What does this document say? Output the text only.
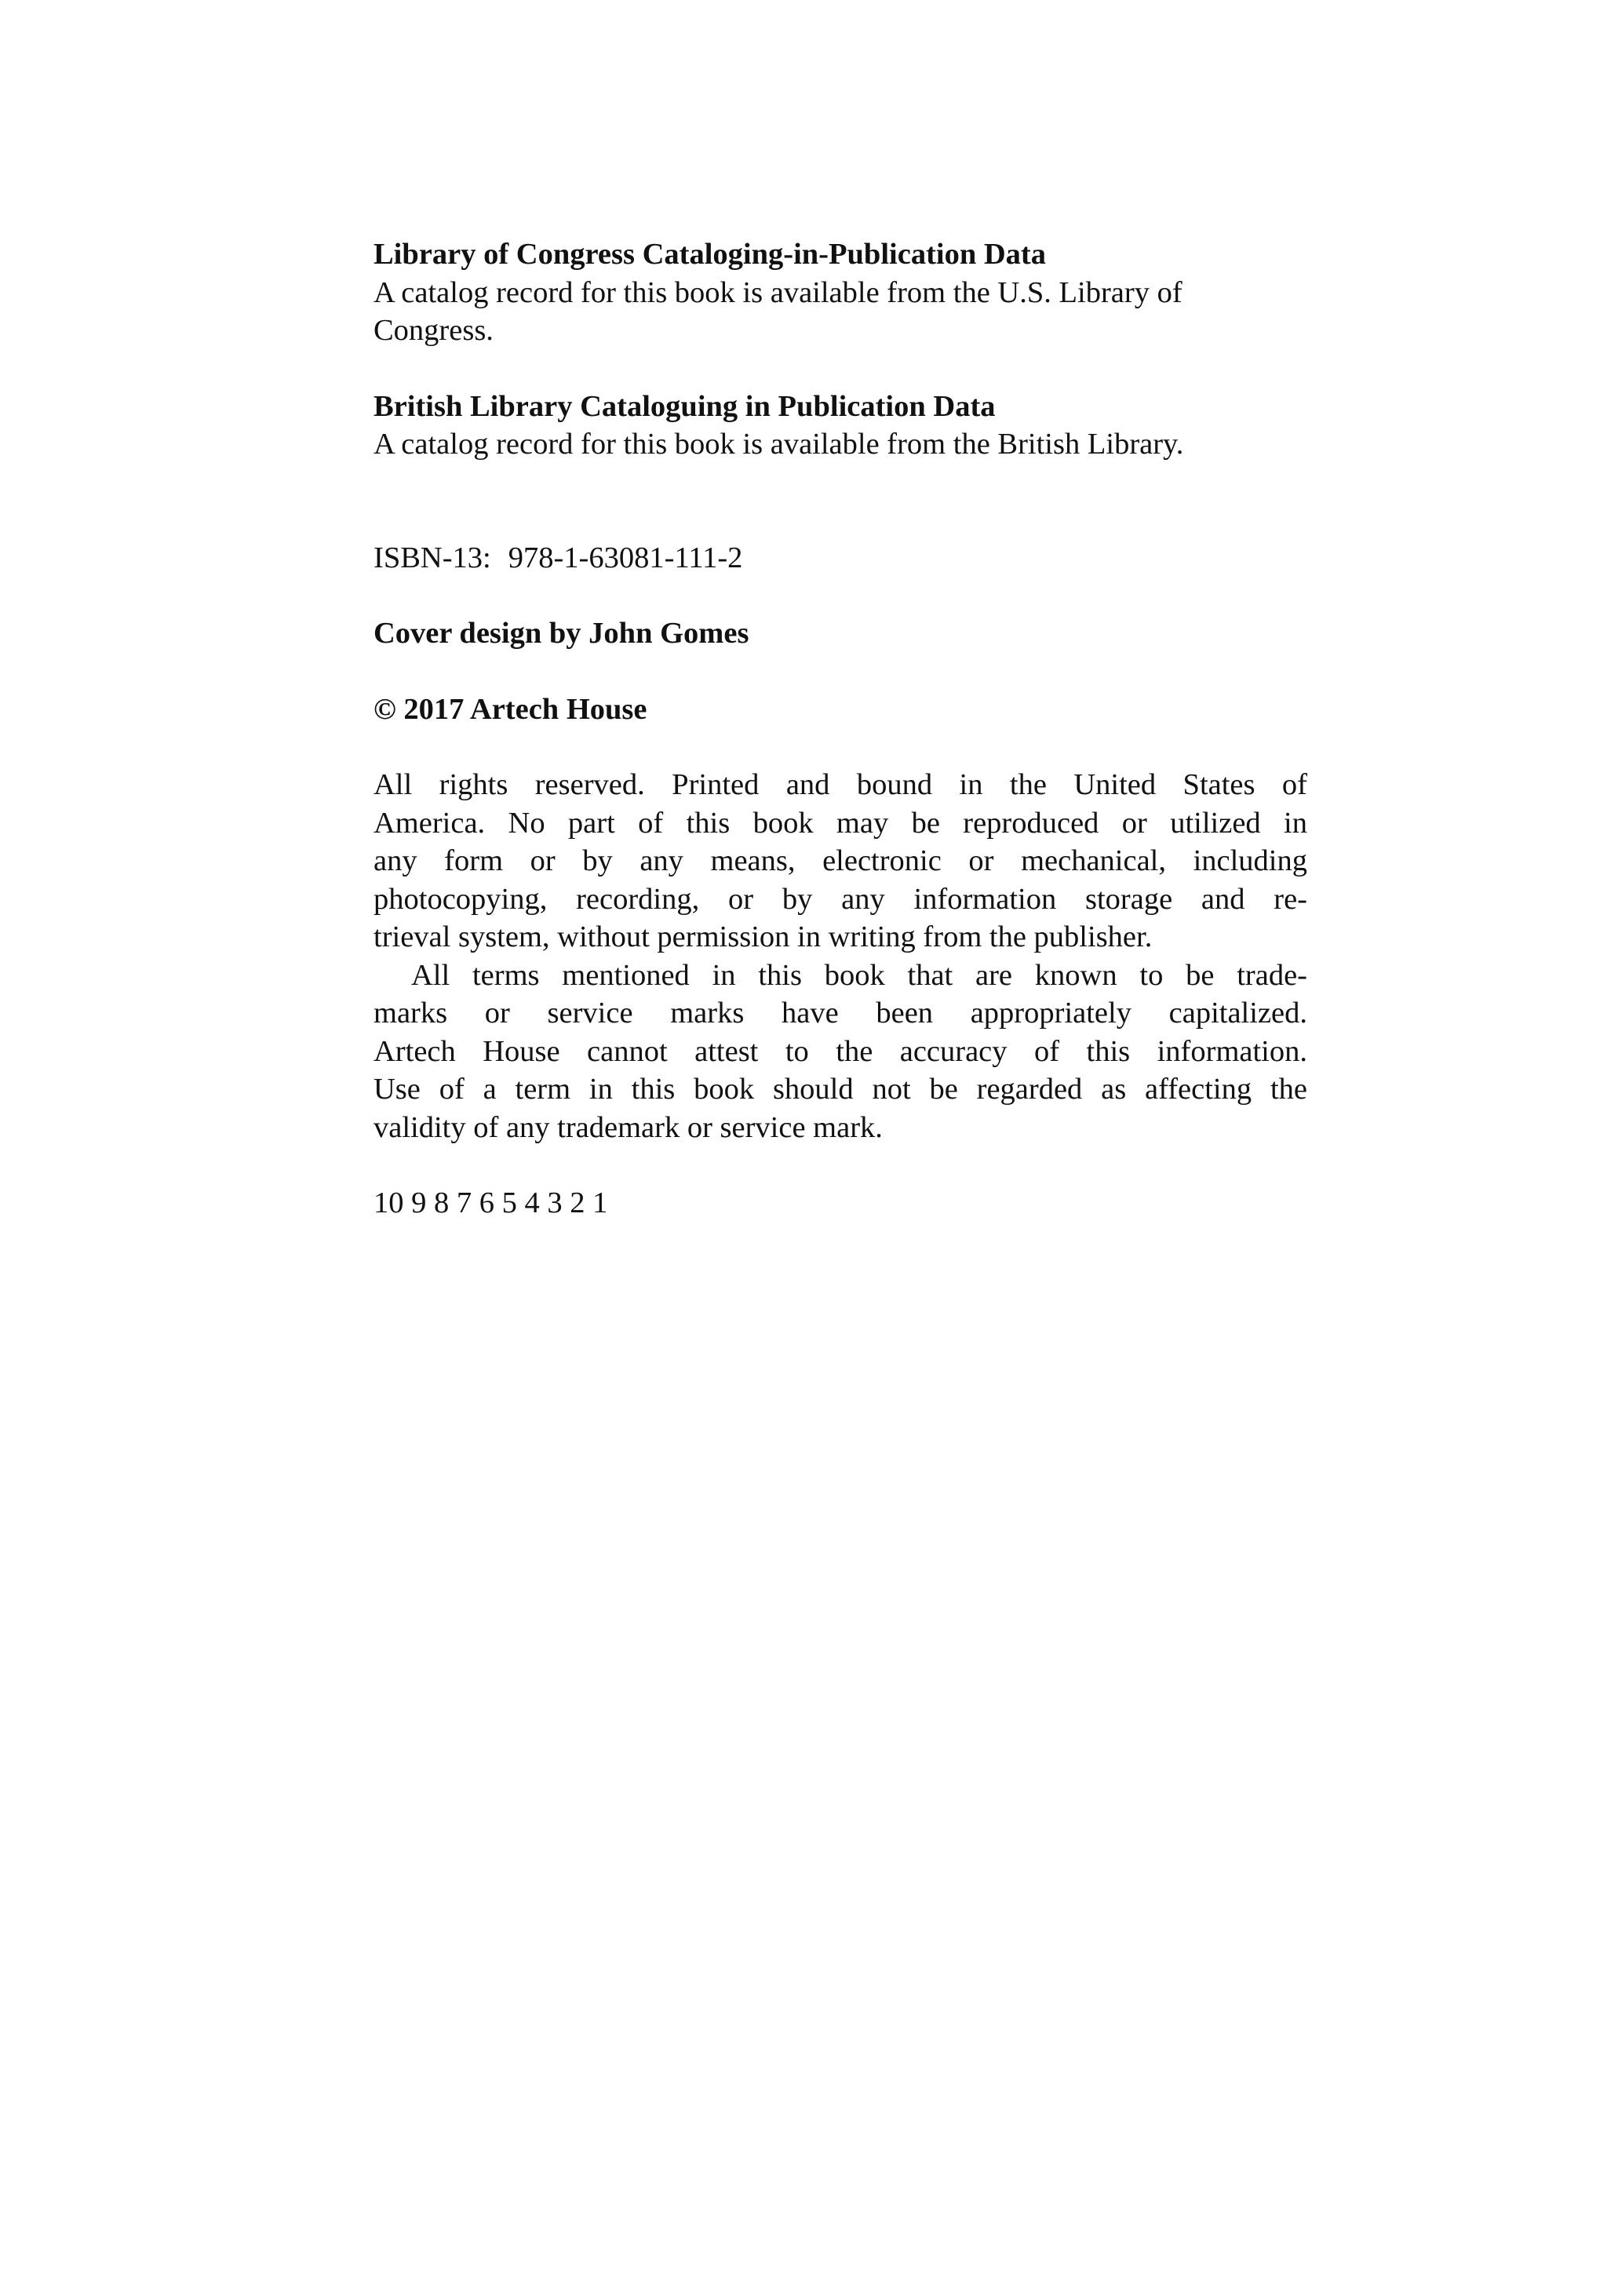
Library of Congress Cataloging-in-Publication Data
A catalog record for this book is available from the U.S. Library of
Congress.
British Library Cataloguing in Publication Data
A catalog record for this book is available from the British Library.
ISBN-13: 978-1-63081-111-2
Cover design by John Gomes
© 2017 Artech House
All rights reserved. Printed and bound in the United States of
America. No part of this book may be reproduced or utilized in
any form or by any means, electronic or mechanical, including
photocopying, recording, or by any information storage and re-
trieval system, without permission in writing from the publisher.
All terms mentioned in this book that are known to be trade-
marks or service marks have been appropriately capitalized.
Artech House cannot attest to the accuracy of this information.
Use of a term in this book should not be regarded as affecting the
validity of any trademark or service mark.
10 9 8 7 6 5 4 3 2 1
